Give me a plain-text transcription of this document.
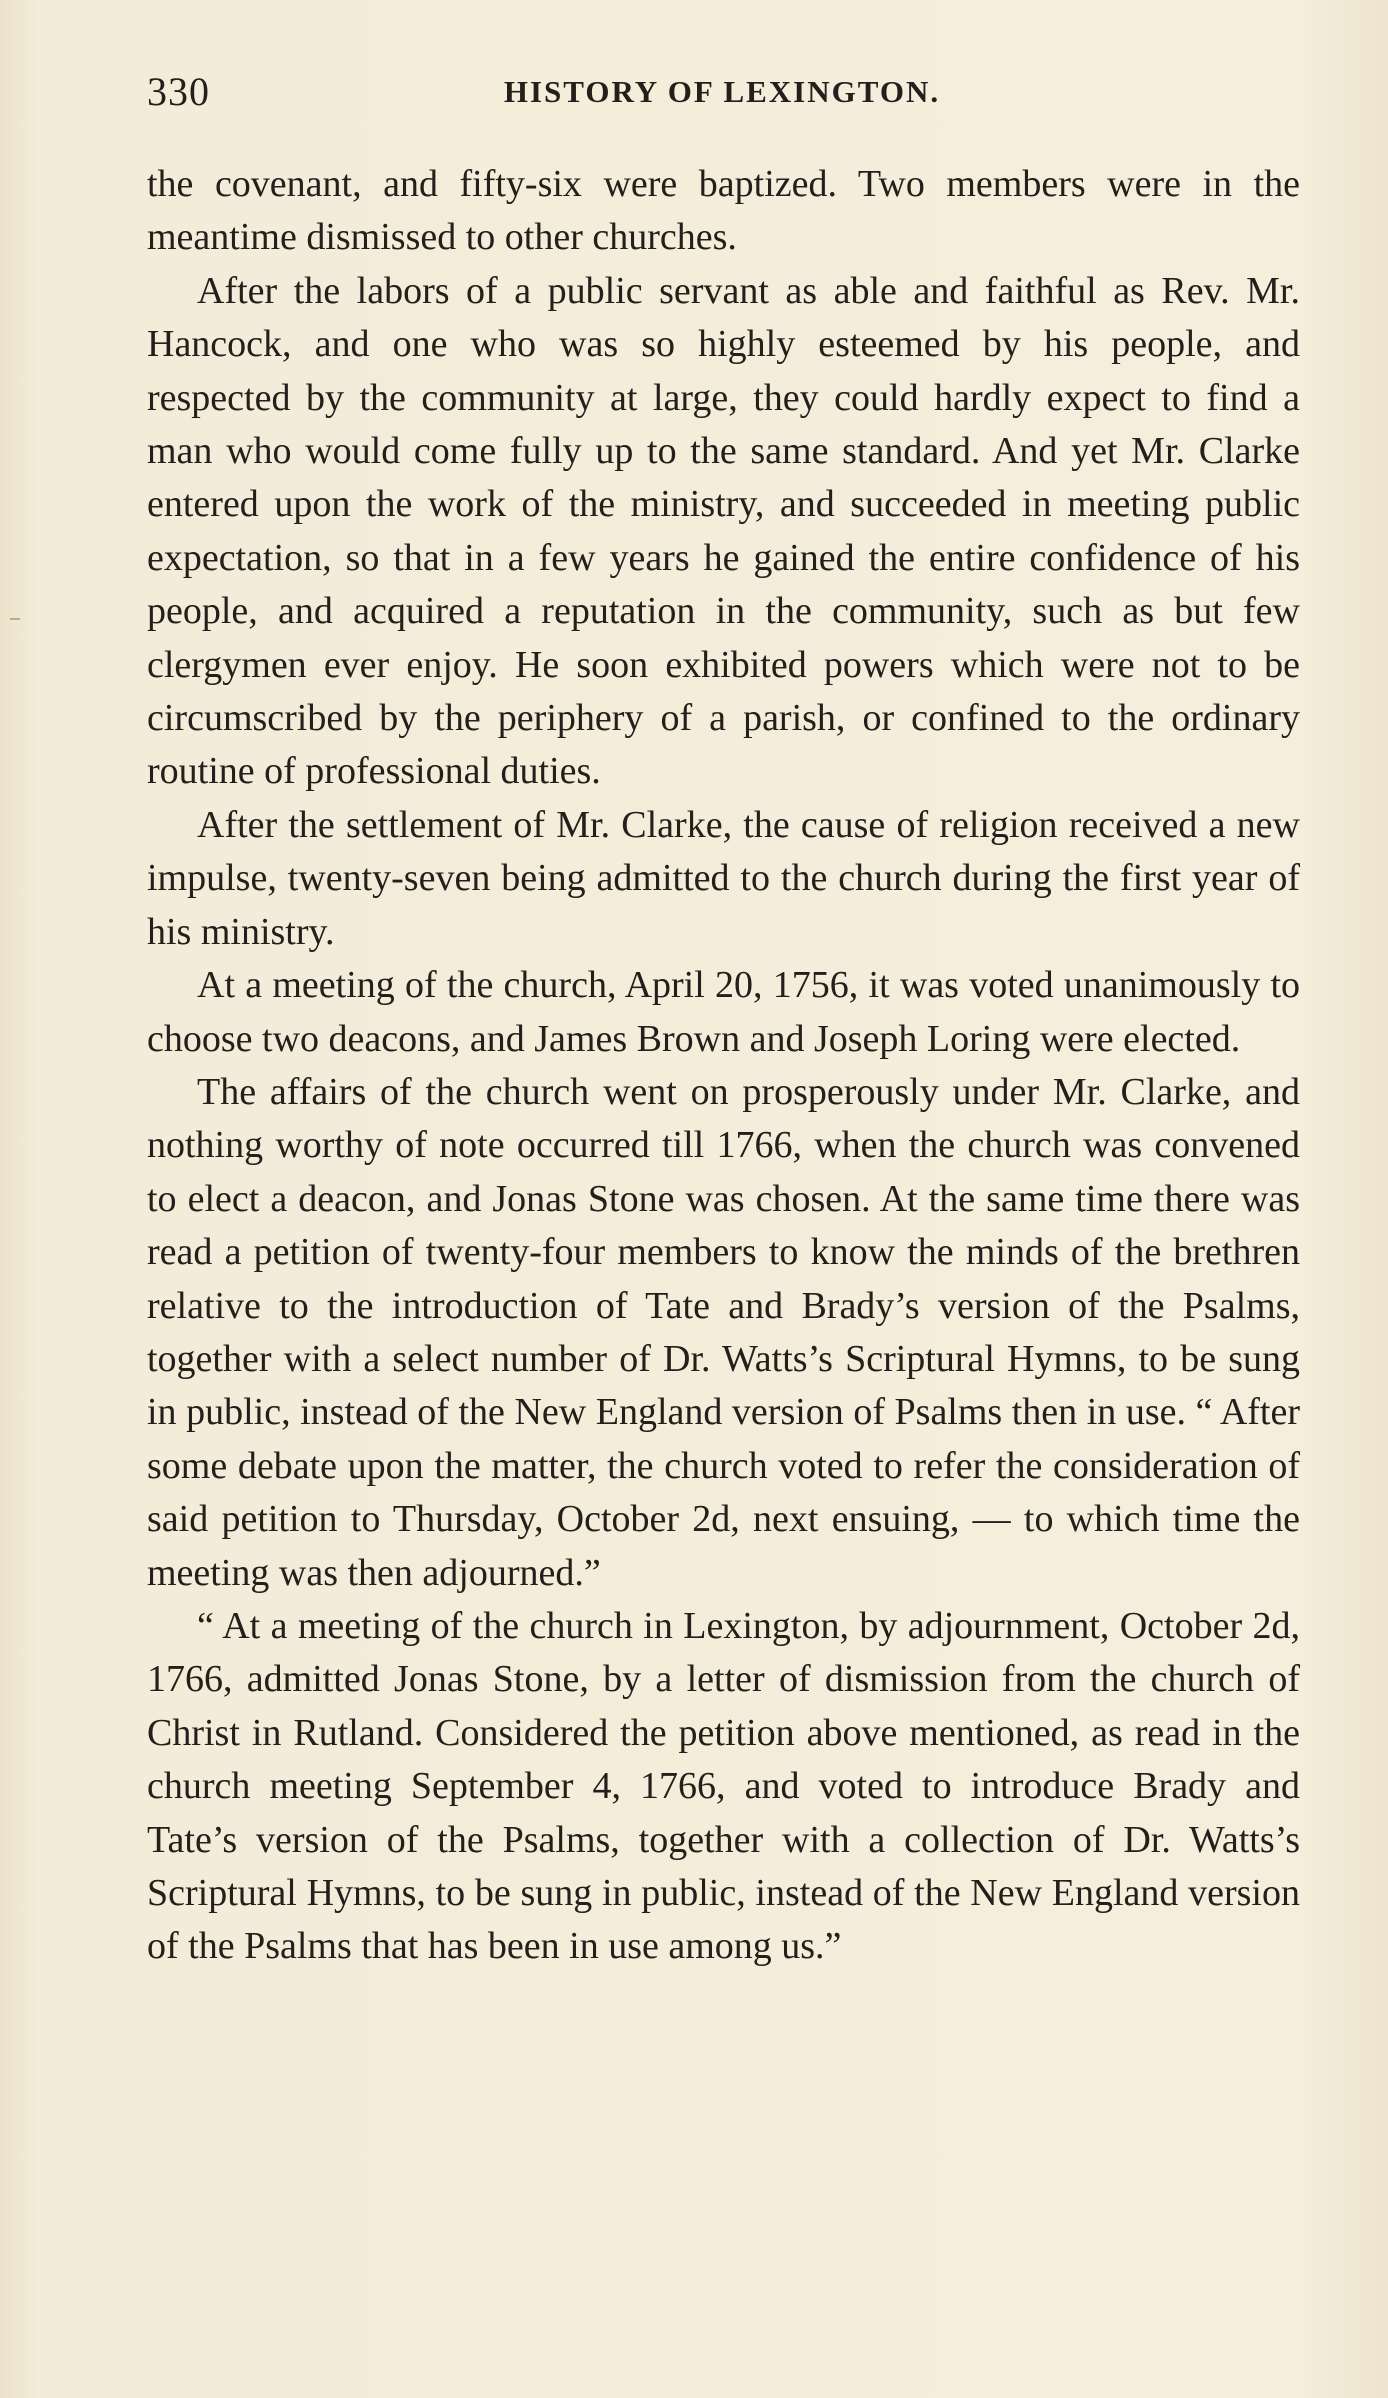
330	HISTORY OF LEXINGTON.

the covenant, and fifty-six were baptized. Two members were in the meantime dismissed to other churches.

After the labors of a public servant as able and faithful as Rev. Mr. Hancock, and one who was so highly esteemed by his people, and respected by the community at large, they could hardly expect to find a man who would come fully up to the same standard. And yet Mr. Clarke entered upon the work of the ministry, and succeeded in meeting public expectation, so that in a few years he gained the entire confidence of his people, and acquired a reputation in the community, such as but few clergymen ever enjoy. He soon exhibited powers which were not to be circumscribed by the periphery of a parish, or confined to the ordinary routine of professional duties.

After the settlement of Mr. Clarke, the cause of religion received a new impulse, twenty-seven being admitted to the church during the first year of his ministry.

At a meeting of the church, April 20, 1756, it was voted unanimously to choose two deacons, and James Brown and Joseph Loring were elected.

The affairs of the church went on prosperously under Mr. Clarke, and nothing worthy of note occurred till 1766, when the church was convened to elect a deacon, and Jonas Stone was chosen. At the same time there was read a petition of twenty-four members to know the minds of the brethren relative to the introduction of Tate and Brady’s version of the Psalms, together with a select number of Dr. Watts’s Scriptural Hymns, to be sung in public, instead of the New England version of Psalms then in use. “ After some debate upon the matter, the church voted to refer the consideration of said petition to Thursday, October 2d, next ensuing, — to which time the meeting was then adjourned.”

“ At a meeting of the church in Lexington, by adjournment, October 2d, 1766, admitted Jonas Stone, by a letter of dismission from the church of Christ in Rutland. Considered the petition above mentioned, as read in the church meeting September 4, 1766, and voted to introduce Brady and Tate’s version of the Psalms, together with a collection of Dr. Watts’s Scriptural Hymns, to be sung in public, instead of the New England version of the Psalms that has been in use among us.”
